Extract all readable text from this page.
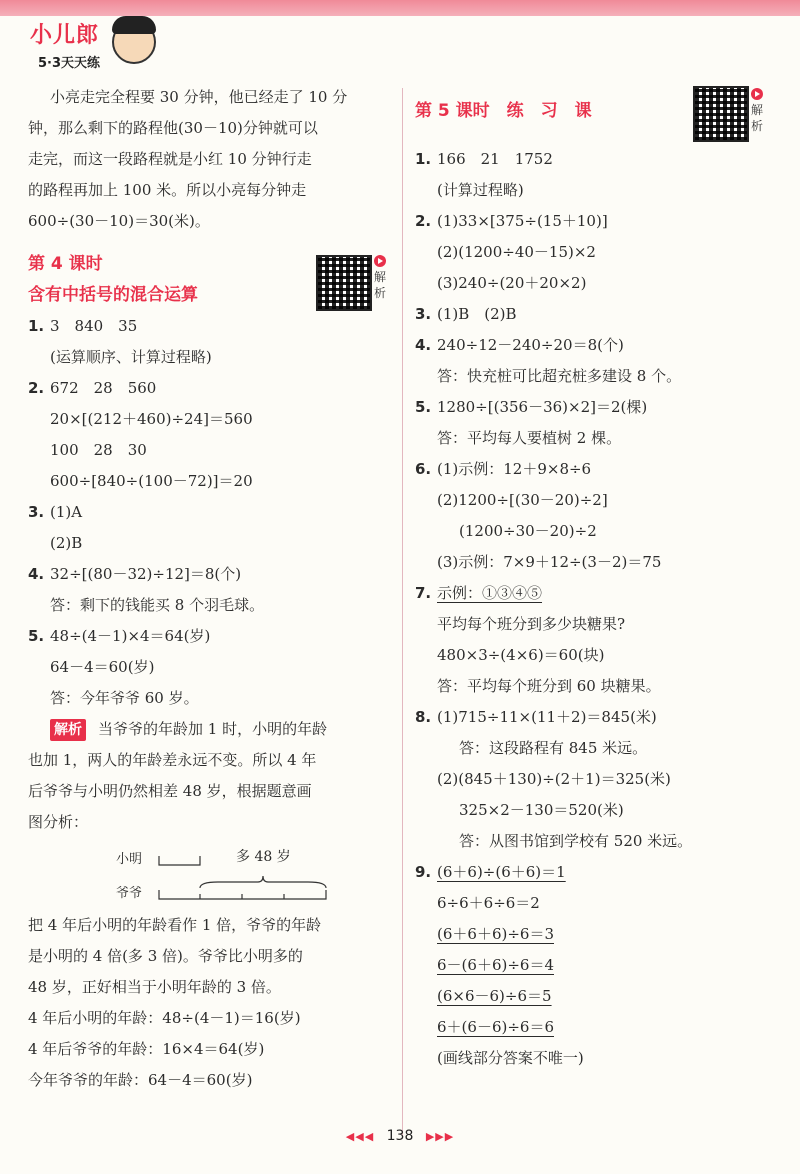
小儿郎
5·3天天练
小亮走完全程要 30 分钟，他已经走了 10 分
钟，那么剩下的路程他(30－10)分钟就可以
走完，而这一段路程就是小红 10 分钟行走
的路程再加上 100 米。所以小亮每分钟走
600÷(30－10)＝30(米)。
第 4 课时
含有中括号的混合运算
解析
1. 3　840　35
(运算顺序、计算过程略)
2. 672　28　560
20×[(212＋460)÷24]＝560
100　28　30
600÷[840÷(100－72)]＝20
3. (1)A
(2)B
4. 32÷[(80－32)÷12]＝8(个)
答：剩下的钱能买 8 个羽毛球。
5. 48÷(4－1)×4＝64(岁)
64－4＝60(岁)
答：今年爷爷 60 岁。
解析 当爷爷的年龄加 1 时，小明的年龄
也加 1，两人的年龄差永远不变。所以 4 年
后爷爷与小明仍然相差 48 岁，根据题意画
图分析：
小明
爷爷
多 48 岁
把 4 年后小明的年龄看作 1 倍，爷爷的年龄
是小明的 4 倍(多 3 倍)。爷爷比小明多的
48 岁，正好相当于小明年龄的 3 倍。
4 年后小明的年龄：48÷(4－1)＝16(岁)
4 年后爷爷的年龄：16×4＝64(岁)
今年爷爷的年龄：64－4＝60(岁)
第 5 课时　练　习　课	解析
1. 166　21　1752
(计算过程略)
2. (1)33×[375÷(15＋10)]
(2)(1200÷40－15)×2
(3)240÷(20＋20×2)
3. (1)B　(2)B
4. 240÷12－240÷20＝8(个)
答：快充桩可比超充桩多建设 8 个。
5. 1280÷[(356－36)×2]＝2(棵)
答：平均每人要植树 2 棵。
6. (1)示例：12＋9×8÷6
(2)1200÷[(30－20)÷2]
(1200÷30－20)÷2
(3)示例：7×9＋12÷(3－2)＝75
7. 示例：①③④⑤
平均每个班分到多少块糖果?
480×3÷(4×6)＝60(块)
答：平均每个班分到 60 块糖果。
8. (1)715÷11×(11＋2)＝845(米)
答：这段路程有 845 米远。
(2)(845＋130)÷(2＋1)＝325(米)
325×2－130＝520(米)
答：从图书馆到学校有 520 米远。
9. (6＋6)÷(6＋6)＝1
6÷6＋6÷6＝2
(6＋6＋6)÷6＝3
6－(6＋6)÷6＝4
(6×6－6)÷6＝5
6＋(6－6)÷6＝6
(画线部分答案不唯一)
◀◀◀ 138 ▶▶▶
